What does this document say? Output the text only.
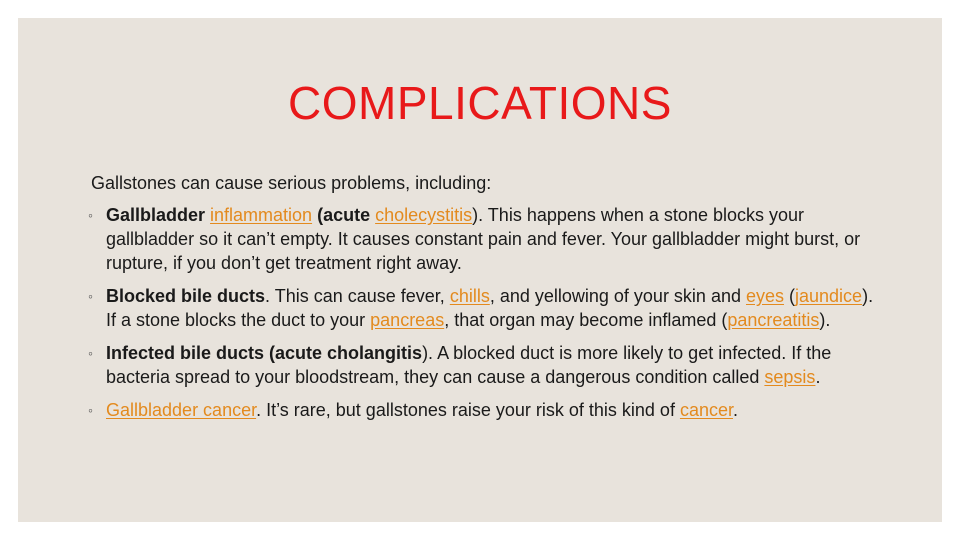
COMPLICATIONS

Gallstones can cause serious problems, including:

◦ Gallbladder inflammation (acute cholecystitis). This happens when a stone blocks your gallbladder so it can’t empty. It causes constant pain and fever. Your gallbladder might burst, or rupture, if you don’t get treatment right away.
◦ Blocked bile ducts. This can cause fever, chills, and yellowing of your skin and eyes (jaundice). If a stone blocks the duct to your pancreas, that organ may become inflamed (pancreatitis).
◦ Infected bile ducts (acute cholangitis). A blocked duct is more likely to get infected. If the bacteria spread to your bloodstream, they can cause a dangerous condition called sepsis.
◦ Gallbladder cancer. It’s rare, but gallstones raise your risk of this kind of cancer.
